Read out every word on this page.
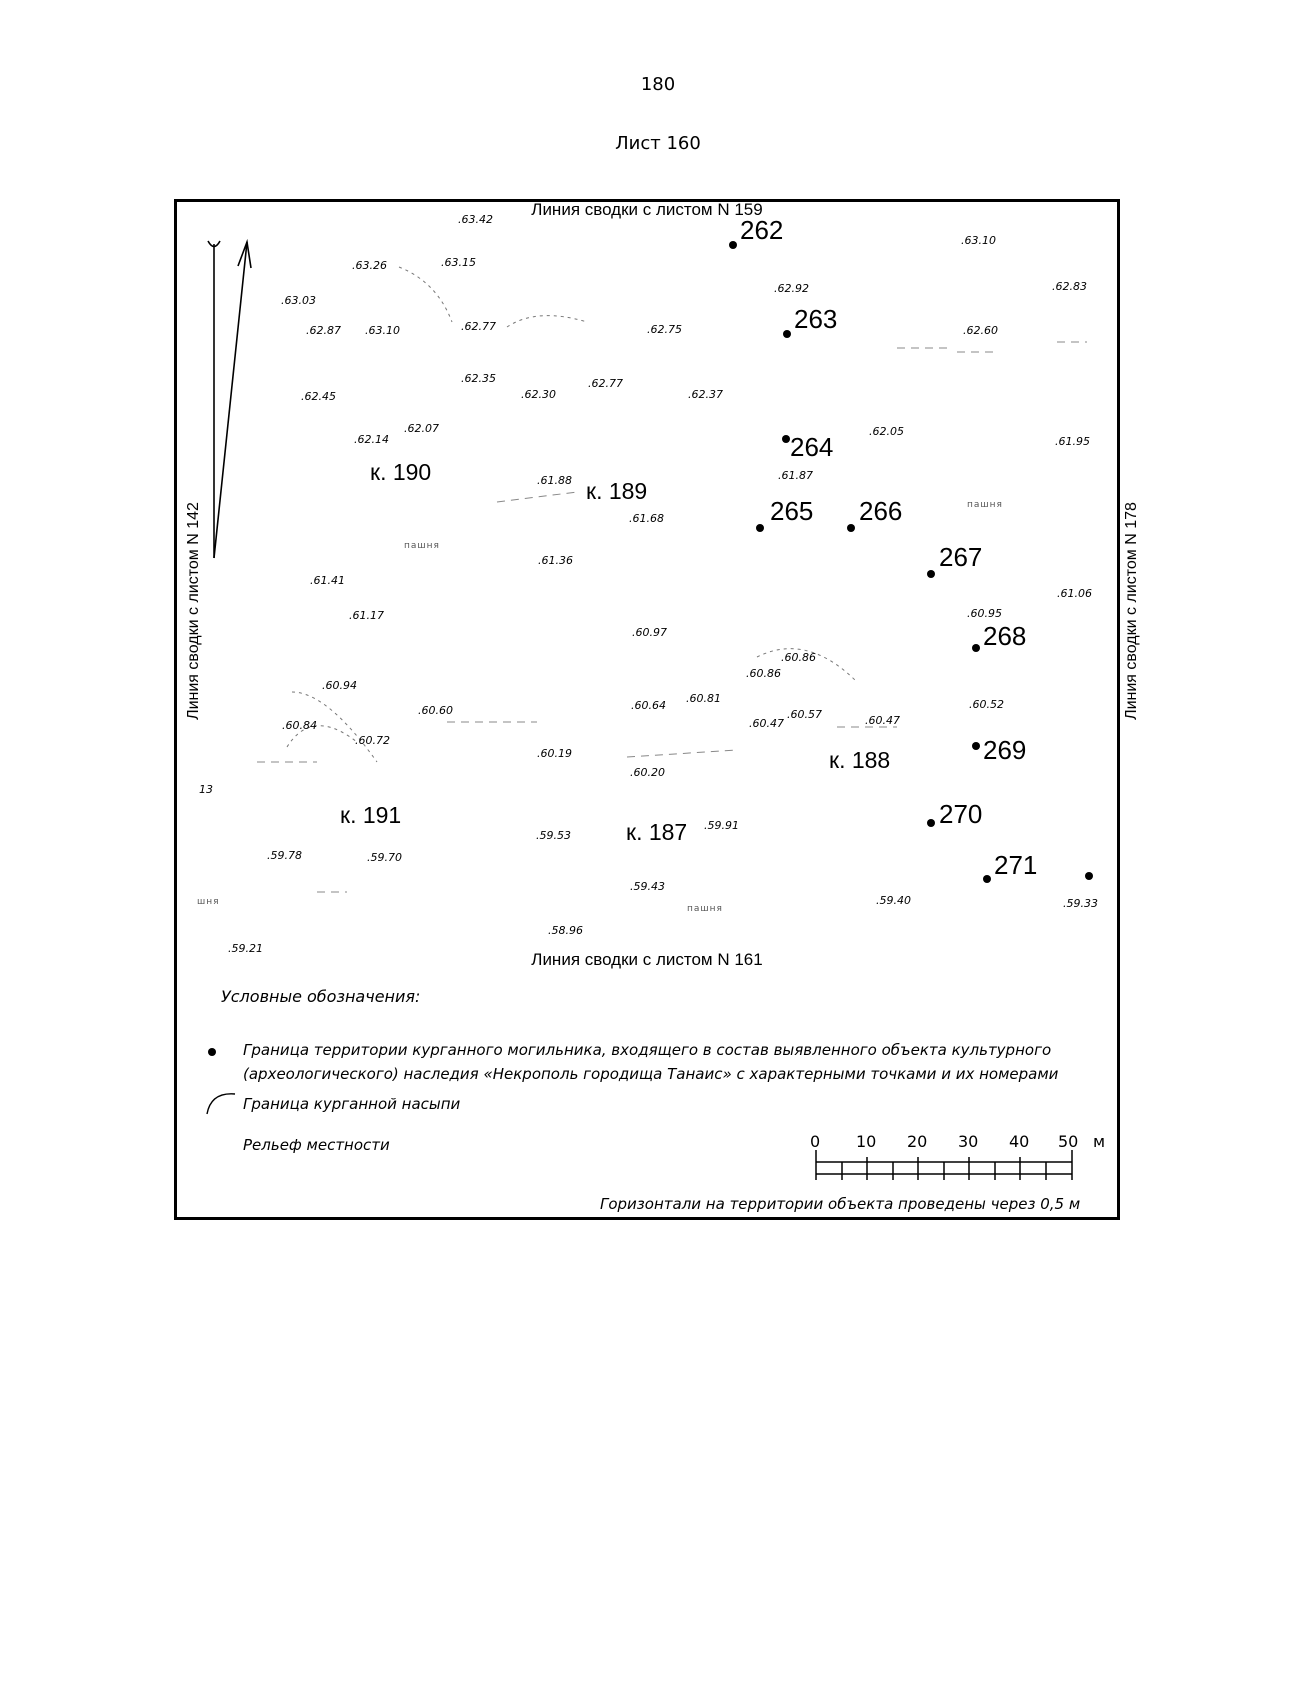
180
Лист 160
Линия сводки с листом N 159
Линия сводки с листом N 161
Линия сводки с листом N 142	Линия сводки с листом N 178
.63.42
.63.26	.63.15
.63.03
.62.87 .63.10	.62.77	.62.75
.62.92
.63.10
.62.83
.62.60
.62.45
.62.35
.62.30
.62.77
.62.37
.62.14
.62.07	.62.05
.61.95
.61.88	.61.87
.61.68
.61.36
.61.41
.61.17
.61.06
.60.95
.60.97
.60.86
.60.86
.60.94
.60.84
.60.60
.60.72
.60.64
.60.81
.60.47
.60.57	.60.47
.60.52
.60.19
.60.20
.59.53
.59.91
.59.78	.59.70
.59.43
.59.40	.59.33
.58.96
.59.21
пашня
пашня
пашня
13
шня
262
263
264
265 266
267
268
269
270
271
к. 190
к. 189
к. 188
к. 187
к. 191
Условные обозначения:
Граница территории курганного могильника, входящего в состав выявленного объекта культурного
(археологического) наследия «Некрополь городища Танаис» с характерными точками и их номерами
Граница курганной насыпи
Рельеф местности	0 10 20 30 40 50 м
Горизонтали на территории объекта проведены через 0,5 м
